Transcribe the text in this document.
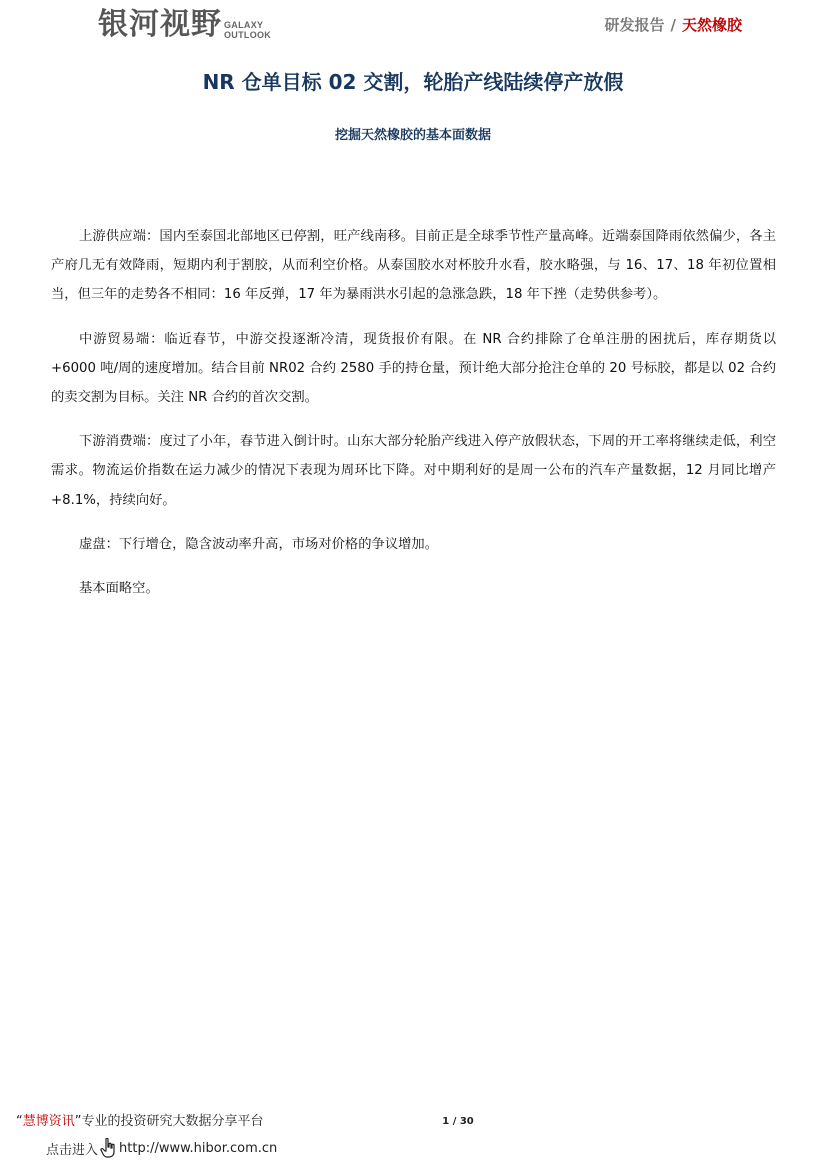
银河视野 ····
GALAXY
OUTLOOK
研发报告 / 天然橡胶
NR 仓单目标 02 交割，轮胎产线陆续停产放假
挖掘天然橡胶的基本面数据

上游供应端：国内至泰国北部地区已停割，旺产线南移。目前正是全球季节性产量高峰。近端泰国降雨依然偏少，各主产府几无有效降雨，短期内利于割胶，从而利空价格。从泰国胶水对杯胶升水看，胶水略强，与 16、17、18 年初位置相当，但三年的走势各不相同：16 年反弹，17 年为暴雨洪水引起的急涨急跌，18 年下挫（走势供参考）。

中游贸易端：临近春节，中游交投逐渐冷清，现货报价有限。在 NR 合约排除了仓单注册的困扰后，库存期货以+6000 吨/周的速度增加。结合目前 NR02 合约 2580 手的持仓量，预计绝大部分抢注仓单的 20 号标胶，都是以 02 合约的卖交割为目标。关注 NR 合约的首次交割。

下游消费端：度过了小年，春节进入倒计时。山东大部分轮胎产线进入停产放假状态，下周的开工率将继续走低，利空需求。物流运价指数在运力减少的情况下表现为周环比下降。对中期利好的是周一公布的汽车产量数据，12 月同比增产+8.1%，持续向好。

虚盘：下行增仓，隐含波动率升高，市场对价格的争议增加。

基本面略空。

“慧博资讯”专业的投资研究大数据分享平台
点击进入 http://www.hibor.com.cn
1 / 30
